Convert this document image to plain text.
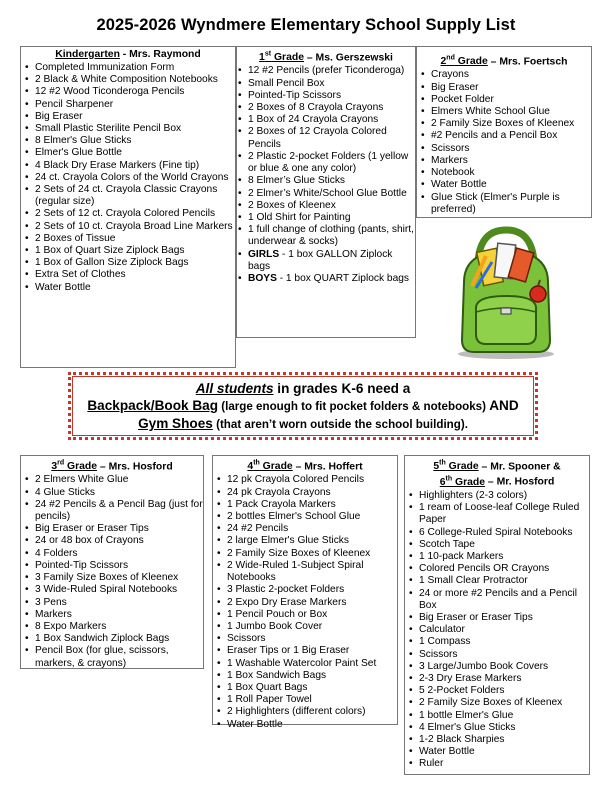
2025-2026 Wyndmere Elementary School Supply List
Kindergarten - Mrs. Raymond
• Completed Immunization Form
• 2 Black & White Composition Notebooks
• 12 #2 Wood Ticonderoga Pencils
• Pencil Sharpener
• Big Eraser
• Small Plastic Sterilite Pencil Box
• 8 Elmer's Glue Sticks
• Elmer's Glue Bottle
• 4 Black Dry Erase Markers (Fine tip)
• 24 ct. Crayola Colors of the World Crayons
• 2 Sets of 24 ct. Crayola Classic Crayons (regular size)
• 2 Sets of 12 ct. Crayola Colored Pencils
• 2 Sets of 10 ct. Crayola Broad Line Markers
• 2 Boxes of Tissue
• 1 Box of Quart Size Ziplock Bags
• 1 Box of Gallon Size Ziplock Bags
• Extra Set of Clothes
• Water Bottle
1st Grade – Ms. Gerszewski
• 12 #2 Pencils (prefer Ticonderoga)
• Small Pencil Box
• Pointed-Tip Scissors
• 2 Boxes of 8 Crayola Crayons
• 1 Box of 24 Crayola Crayons
• 2 Boxes of 12 Crayola Colored Pencils
• 2 Plastic 2-pocket Folders (1 yellow or blue & one any color)
• 8 Elmer’s Glue Sticks
• 2 Elmer’s White/School Glue Bottle
• 2 Boxes of Kleenex
• 1 Old Shirt for Painting
• 1 full change of clothing (pants, shirt, underwear & socks)
• GIRLS - 1 box GALLON Ziplock bags
• BOYS - 1 box QUART Ziplock bags
2nd Grade – Mrs. Foertsch
• Crayons
• Big Eraser
• Pocket Folder
• Elmers White School Glue
• 2 Family Size Boxes of Kleenex
• #2 Pencils and a Pencil Box
• Scissors
• Markers
• Notebook
• Water Bottle
• Glue Stick (Elmer's Purple is preferred)
All students in grades K-6 need a
Backpack/Book Bag (large enough to fit pocket folders & notebooks) AND
Gym Shoes (that aren’t worn outside the school building).
3rd Grade – Mrs. Hosford
• 2 Elmers White Glue
• 4 Glue Sticks
• 24 #2 Pencils & a Pencil Bag (just for pencils)
• Big Eraser or Eraser Tips
• 24 or 48 box of Crayons
• 4 Folders
• Pointed-Tip Scissors
• 3 Family Size Boxes of Kleenex
• 3 Wide-Ruled Spiral Notebooks
• 3 Pens
• Markers
• 8 Expo Markers
• 1 Box Sandwich Ziplock Bags
• Pencil Box (for glue, scissors, markers, & crayons)
4th Grade – Mrs. Hoffert
• 12 pk Crayola Colored Pencils
• 24 pk Crayola Crayons
• 1 Pack Crayola Markers
• 2 bottles Elmer's School Glue
• 24 #2 Pencils
• 2 large Elmer's Glue Sticks
• 2 Family Size Boxes of Kleenex
• 2 Wide-Ruled 1-Subject Spiral Notebooks
• 3 Plastic 2-pocket Folders
• 2 Expo Dry Erase Markers
• 1 Pencil Pouch or Box
• 1 Jumbo Book Cover
• Scissors
• Eraser Tips or 1 Big Eraser
• 1 Washable Watercolor Paint Set
• 1 Box Sandwich Bags
• 1 Box Quart Bags
• 1 Roll Paper Towel
• 2 Highlighters (different colors)
• Water Bottle
5th Grade – Mr. Spooner &
6th Grade – Mr. Hosford
• Highlighters (2-3 colors)
• 1 ream of Loose-leaf College Ruled Paper
• 6 College-Ruled Spiral Notebooks
• Scotch Tape
• 1 10-pack Markers
• Colored Pencils OR Crayons
• 1 Small Clear Protractor
• 24 or more #2 Pencils and a Pencil Box
• Big Eraser or Eraser Tips
• Calculator
• 1 Compass
• Scissors
• 3 Large/Jumbo Book Covers
• 2-3 Dry Erase Markers
• 5 2-Pocket Folders
• 2 Family Size Boxes of Kleenex
• 1 bottle Elmer's Glue
• 4 Elmer's Glue Sticks
• 1-2 Black Sharpies
• Water Bottle
• Ruler
